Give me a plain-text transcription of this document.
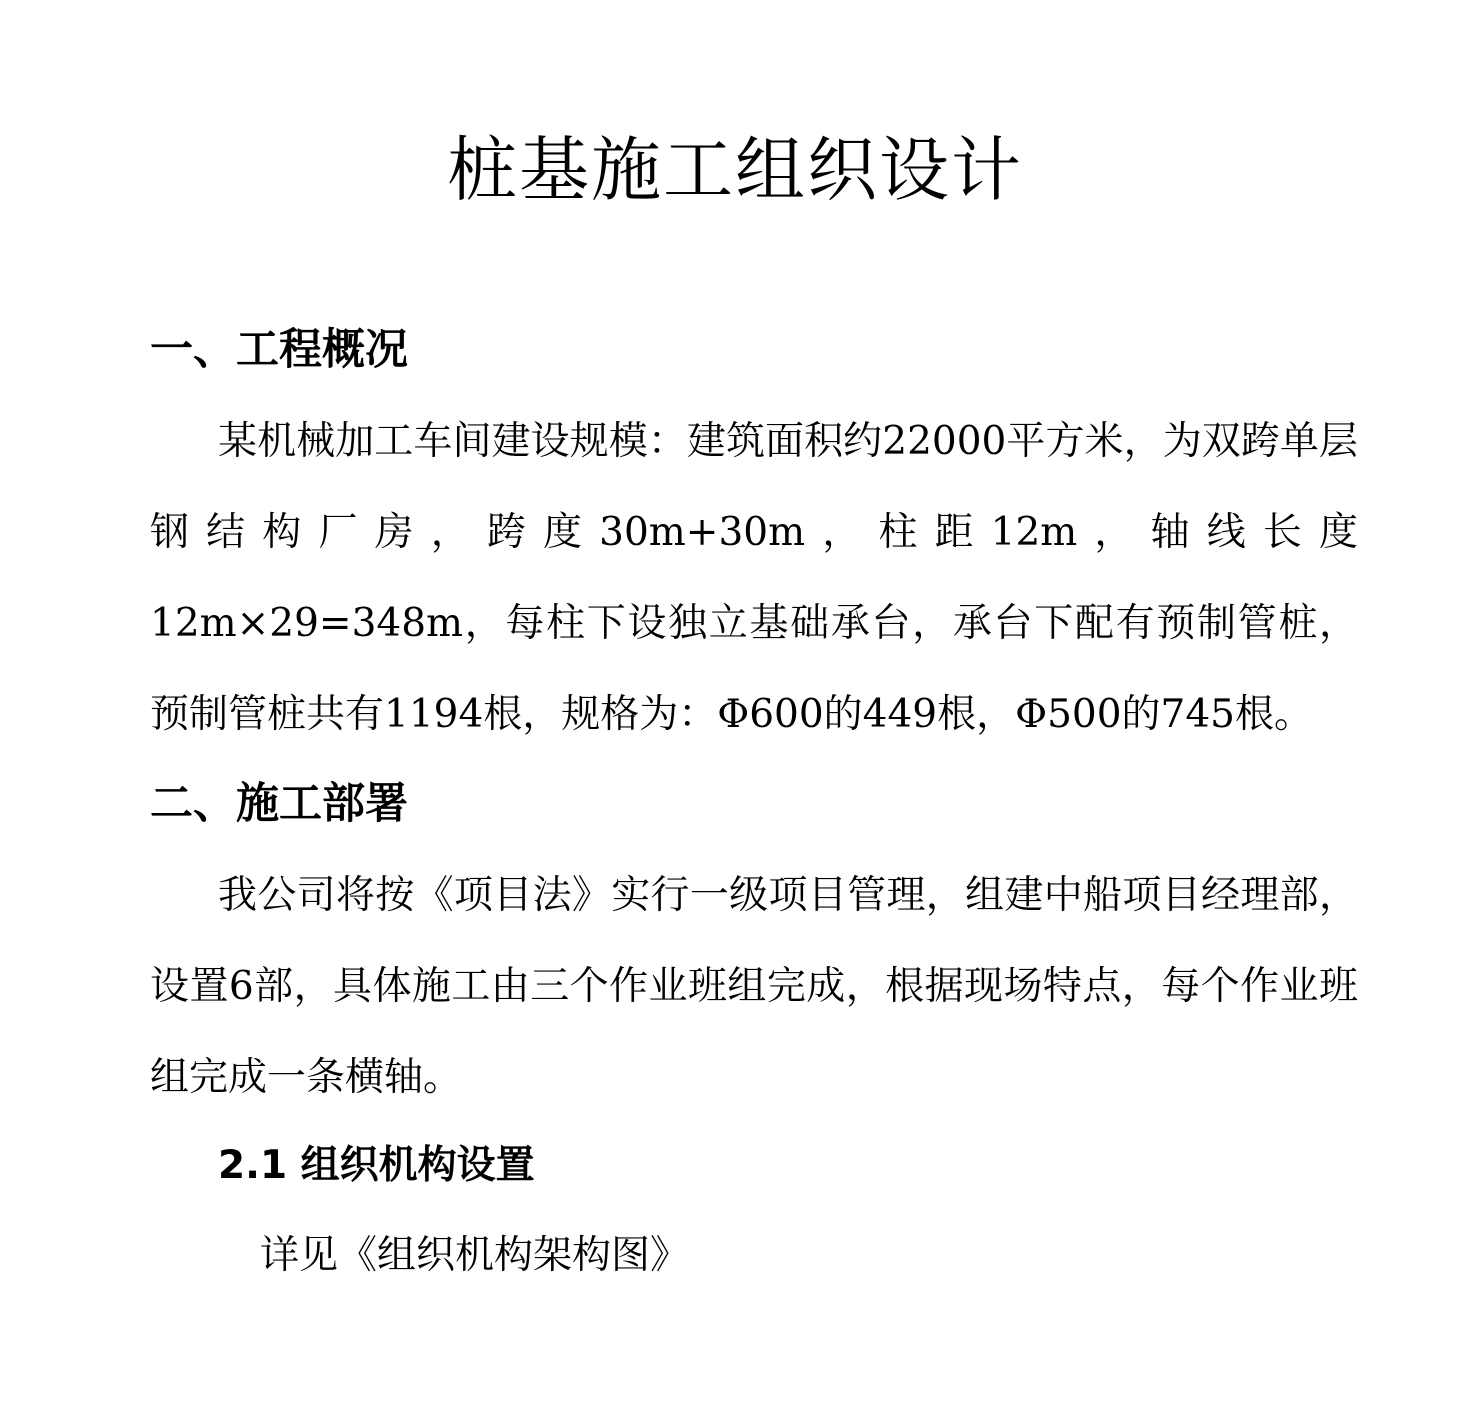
桩基施工组织设计
一、工程概况

某机械加工车间建设规模：建筑面积约22000平方米，为双跨单层钢结构厂房，跨度30m+30m，柱距12m，轴线长度12m×29=348m，每柱下设独立基础承台，承台下配有预制管桩，预制管桩共有1194根，规格为：Φ600的449根，Φ500的745根。

二、施工部署

我公司将按《项目法》实行一级项目管理，组建中船项目经理部，设置6部，具体施工由三个作业班组完成，根据现场特点，每个作业班组完成一条横轴。

2.1 组织机构设置

详见《组织机构架构图》
